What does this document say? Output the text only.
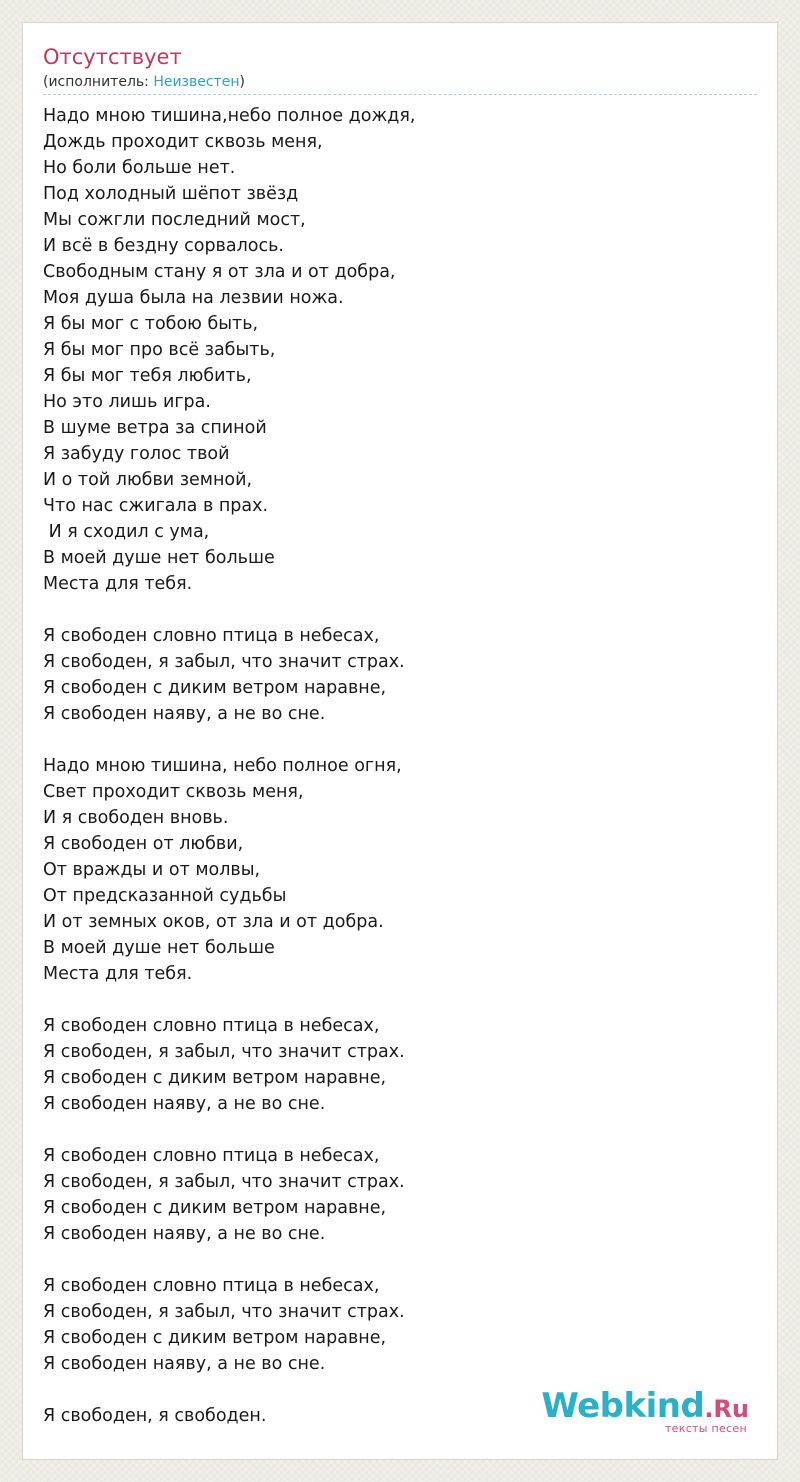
Отсутствует
(исполнитель: Неизвестен)
Надо мною тишина,небо полное дождя,
Дождь проходит сквозь меня,
Но боли больше нет.
Под холодный шёпот звёзд
Мы сожгли последний мост,
И всё в бездну сорвалось.
Свободным стану я от зла и от добра,
Моя душа была на лезвии ножа.
Я бы мог с тобою быть,
Я бы мог про всё забыть,
Я бы мог тебя любить,
Но это лишь игра.
В шуме ветра за спиной
Я забуду голос твой
И о той любви земной,
Что нас сжигала в прах.
И я сходил с ума,
В моей душе нет больше
Места для тебя.

Я свободен словно птица в небесах,
Я свободен, я забыл, что значит страх.
Я свободен с диким ветром наравне,
Я свободен наяву, а не во сне.

Надо мною тишина, небо полное огня,
Свет проходит сквозь меня,
И я свободен вновь.
Я свободен от любви,
От вражды и от молвы,
От предсказанной судьбы
И от земных оков, от зла и от добра.
В моей душе нет больше
Места для тебя.

Я свободен словно птица в небесах,
Я свободен, я забыл, что значит страх.
Я свободен с диким ветром наравне,
Я свободен наяву, а не во сне.

Я свободен словно птица в небесах,
Я свободен, я забыл, что значит страх.
Я свободен с диким ветром наравне,
Я свободен наяву, а не во сне.

Я свободен словно птица в небесах,
Я свободен, я забыл, что значит страх.
Я свободен с диким ветром наравне,
Я свободен наяву, а не во сне.

Я свободен, я свободен.	Webkind.Ru
тексты песен
